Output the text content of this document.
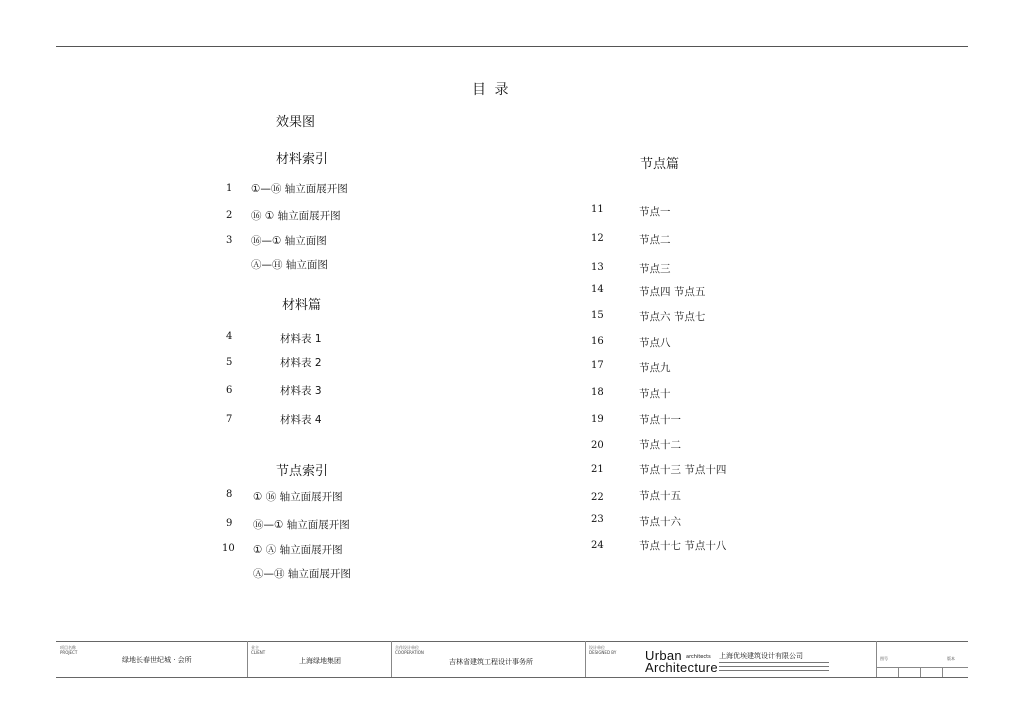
目 录
效果图
材料索引
1 ①—⑯ 轴立面展开图
2 ⑯ ① 轴立面展开图
3 ⑯—① 轴立面图
Ⓐ—Ⓗ 轴立面图
材料篇
4	材料表 1
5	材料表 2
6	材料表 3
7	材料表 4
节点索引
8 ① ⑯ 轴立面展开图
9 ⑯—① 轴立面展开图
10 ① Ⓐ 轴立面展开图
Ⓐ—Ⓗ 轴立面展开图
节点篇
11	节点一
12	节点二
13	节点三
14	节点四 节点五
15	节点六 节点七
16	节点八
17	节点九
18	节点十
19	节点十一
20	节点十二
21	节点十三 节点十四
22	节点十五
23	节点十六
24	节点十七 节点十八
项目名称
PROJECT
绿地长春世纪城 · 会所
业主
CLIENT
上海绿地集团
合作设计单位
COOPERATION
吉林省建筑工程设计事务所
设计单位
DESIGNED BY Urban architects
Architecture
上海优埃建筑设计有限公司	图号	版本
